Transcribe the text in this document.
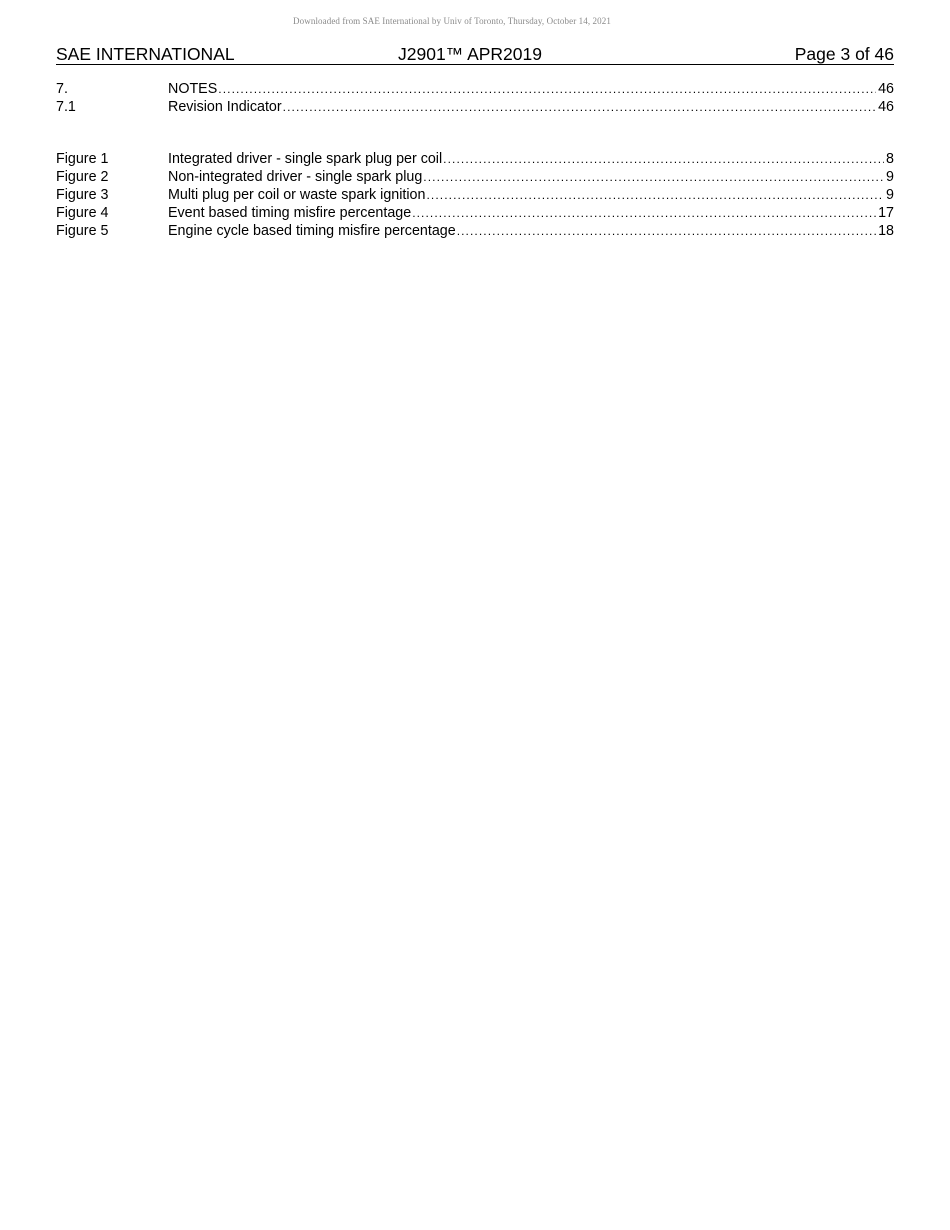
Downloaded from SAE International by Univ of Toronto, Thursday, October 14, 2021
SAE INTERNATIONAL	J2901™ APR2019	Page 3 of 46
7.	NOTES .....	46
7.1	Revision Indicator .....	46
Figure 1	Integrated driver - single spark plug per coil .....	8
Figure 2	Non-integrated driver - single spark plug .....	9
Figure 3	Multi plug per coil or waste spark ignition .....	9
Figure 4	Event based timing misfire percentage .....	17
Figure 5	Engine cycle based timing misfire percentage .....	18
